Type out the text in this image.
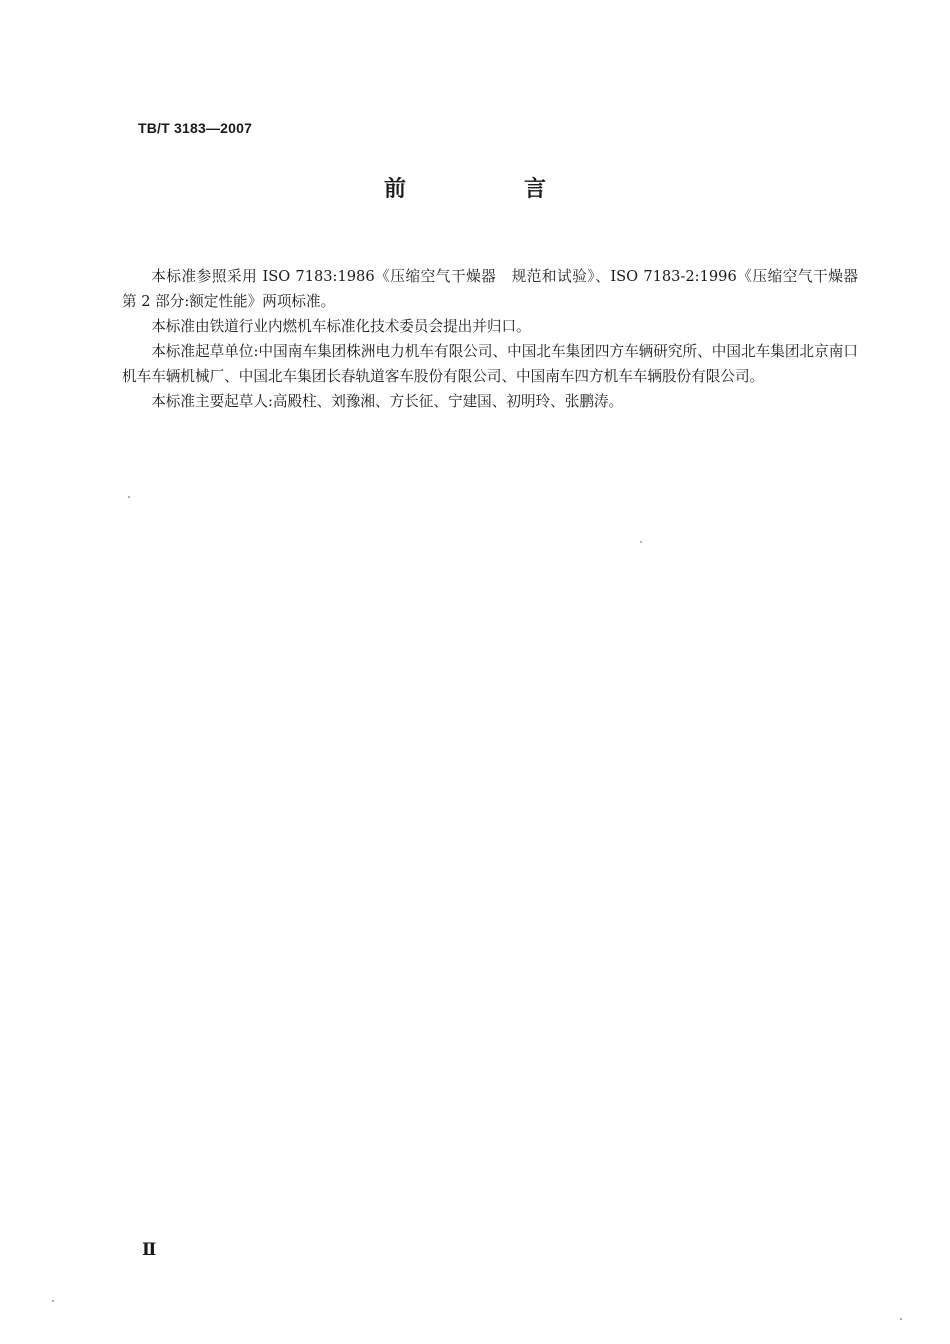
TB/T 3183—2007
前　言

本标准参照采用 ISO 7183:1986《压缩空气干燥器　规范和试验》、ISO 7183-2:1996《压缩空气干燥器　第 2 部分:额定性能》两项标准。

本标准由铁道行业内燃机车标准化技术委员会提出并归口。

本标准起草单位:中国南车集团株洲电力机车有限公司、中国北车集团四方车辆研究所、中国北车集团北京南口机车车辆机械厂、中国北车集团长春轨道客车股份有限公司、中国南车四方机车车辆股份有限公司。

本标准主要起草人:高殿柱、刘豫湘、方长征、宁建国、初明玲、张鹏涛。

Ⅱ
